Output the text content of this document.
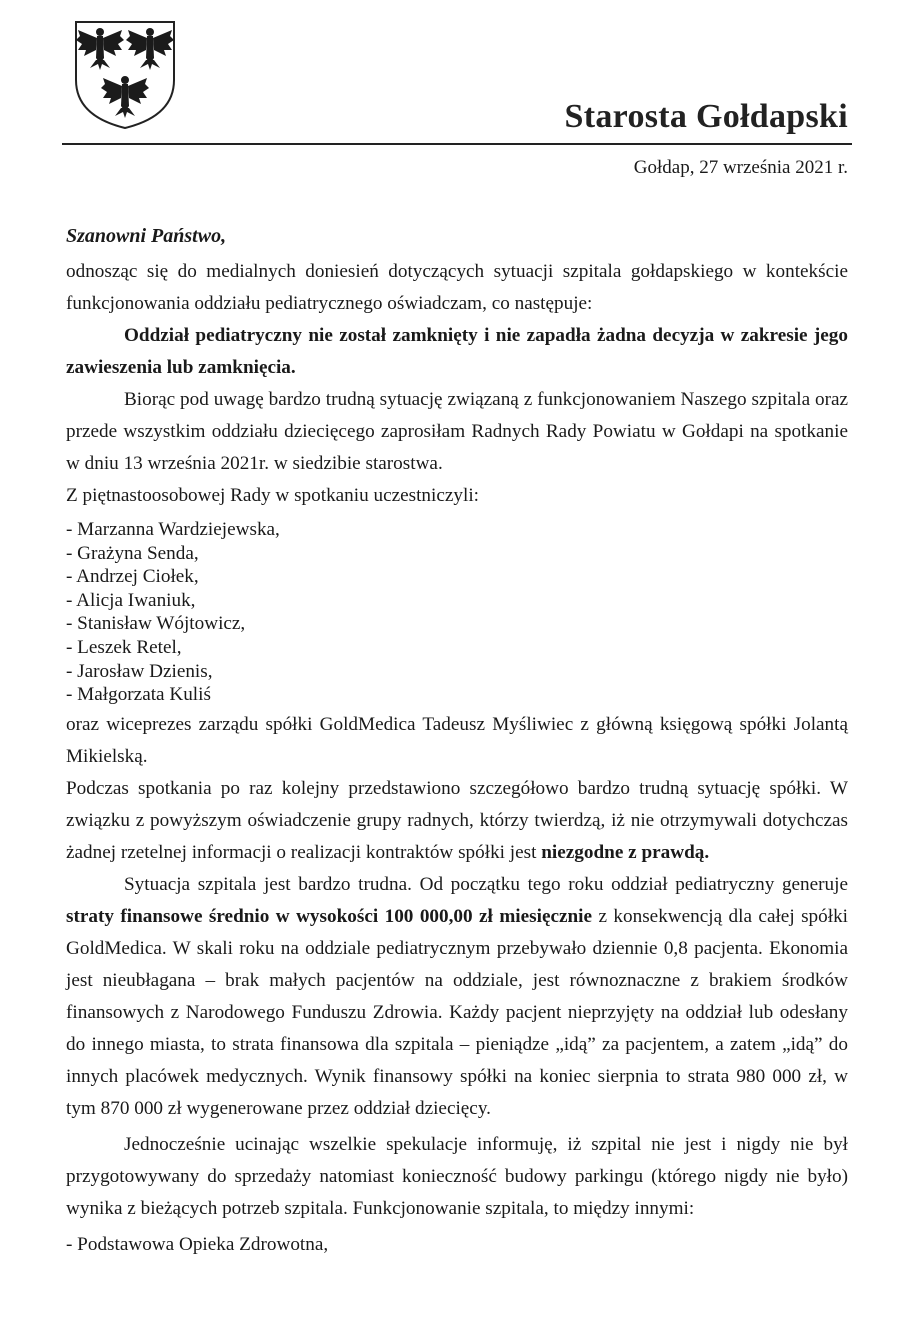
Starosta Gołdapski
Gołdap, 27 września 2021 r.

Szanowni Państwo,

odnosząc się do medialnych doniesień dotyczących sytuacji szpitala gołdapskiego w kontekście funkcjonowania oddziału pediatrycznego oświadczam, co następuje:

Oddział pediatryczny nie został zamknięty i nie zapadła żadna decyzja w zakresie jego zawieszenia lub zamknięcia.

Biorąc pod uwagę bardzo trudną sytuację związaną z funkcjonowaniem Naszego szpitala oraz przede wszystkim oddziału dziecięcego zaprosiłam Radnych Rady Powiatu w Gołdapi na spotkanie w dniu 13 września 2021r. w siedzibie starostwa.

Z piętnastoosobowej Rady w spotkaniu uczestniczyli:

- Marzanna Wardziejewska,
- Grażyna Senda,
- Andrzej Ciołek,
- Alicja Iwaniuk,
- Stanisław Wójtowicz,
- Leszek Retel,
- Jarosław Dzienis,
- Małgorzata Kuliś

oraz wiceprezes zarządu spółki GoldMedica Tadeusz Myśliwiec z główną księgową spółki Jolantą Mikielską.

Podczas spotkania po raz kolejny przedstawiono szczegółowo bardzo trudną sytuację spółki. W związku z powyższym oświadczenie grupy radnych, którzy twierdzą, iż nie otrzymywali dotychczas żadnej rzetelnej informacji o realizacji kontraktów spółki jest niezgodne z prawdą.

Sytuacja szpitala jest bardzo trudna. Od początku tego roku oddział pediatryczny generuje straty finansowe średnio w wysokości 100 000,00 zł miesięcznie z konsekwencją dla całej spółki GoldMedica. W skali roku na oddziale pediatrycznym przebywało dziennie 0,8 pacjenta. Ekonomia jest nieubłagana – brak małych pacjentów na oddziale, jest równoznaczne z brakiem środków finansowych z Narodowego Funduszu Zdrowia. Każdy pacjent nieprzyjęty na oddział lub odesłany do innego miasta, to strata finansowa dla szpitala – pieniądze „idą” za pacjentem, a zatem „idą” do innych placówek medycznych. Wynik finansowy spółki na koniec sierpnia to strata 980 000 zł, w tym 870 000 zł wygenerowane przez oddział dziecięcy.

Jednocześnie ucinając wszelkie spekulacje informuję, iż szpital nie jest i nigdy nie był przygotowywany do sprzedaży natomiast konieczność budowy parkingu (którego nigdy nie było) wynika z bieżących potrzeb szpitala. Funkcjonowanie szpitala, to między innymi:

- Podstawowa Opieka Zdrowotna,
